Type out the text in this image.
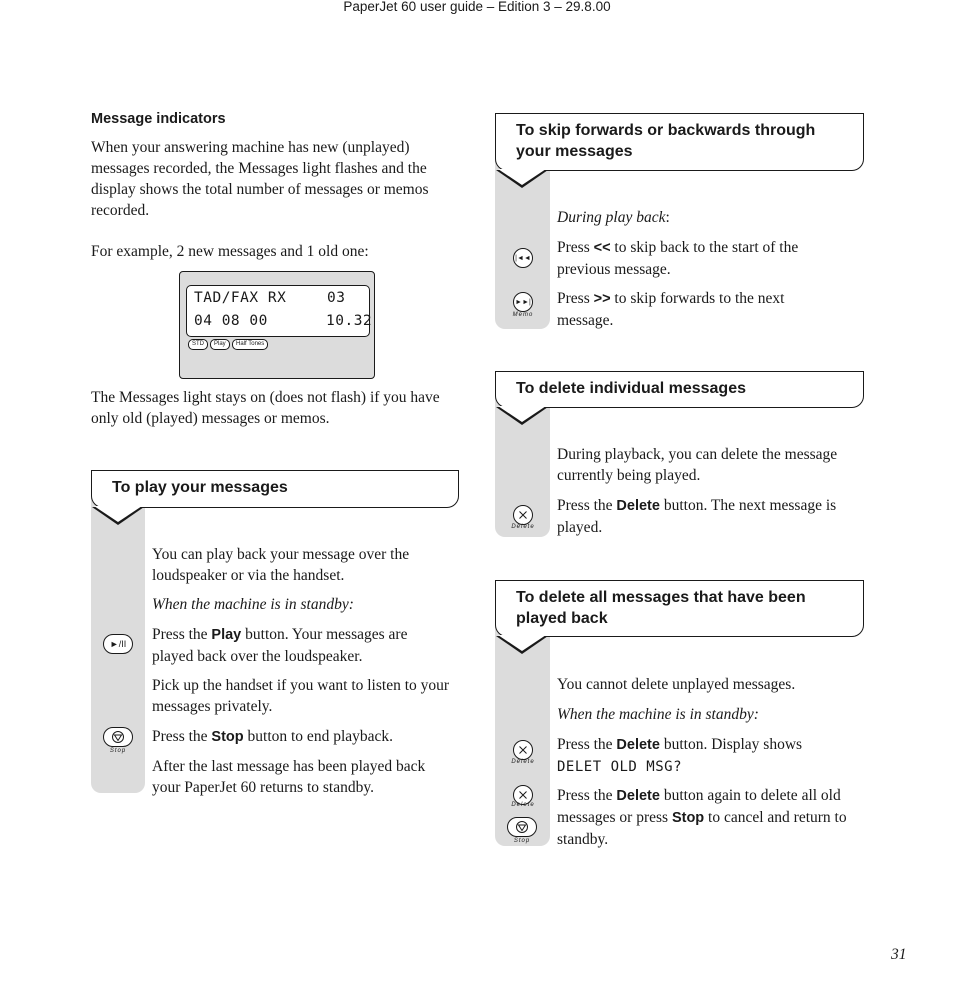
PaperJet 60 user guide – Edition 3 – 29.8.00
Message indicators

When your answering machine has new (unplayed) messages recorded, the Messages light flashes and the display shows the total number of messages or memos recorded.

For example, 2 new messages and 1 old one:

TAD/FAX RX	03
04 08 00	10.32
STD	Play	Half Tones

The Messages light stays on (does not flash) if you have only old (played) messages or memos.

To play your messages

You can play back your message over the loudspeaker or via the handset.

When the machine is in standby:

Press the Play button. Your messages are played back over the loudspeaker.

Pick up the handset if you want to listen to your messages privately.

Press the Stop button to end playback.

After the last message has been played back your PaperJet 60 returns to standby.

►/II
Stop
To skip forwards or backwards through your messages

During play back:

Press << to skip back to the start of the previous message.

Press >> to skip forwards to the next message.

|◄◄
►►|
Memo
To delete individual messages

During playback, you can delete the message currently being played.

Press the Delete button. The next message is played.

Delete
To delete all messages that have been played back

You cannot delete unplayed messages.

When the machine is in standby:

Press the Delete button. Display shows
DELET OLD MSG?

Press the Delete button again to delete all old messages or press Stop to cancel and return to standby.

Delete
Delete
Stop
31
